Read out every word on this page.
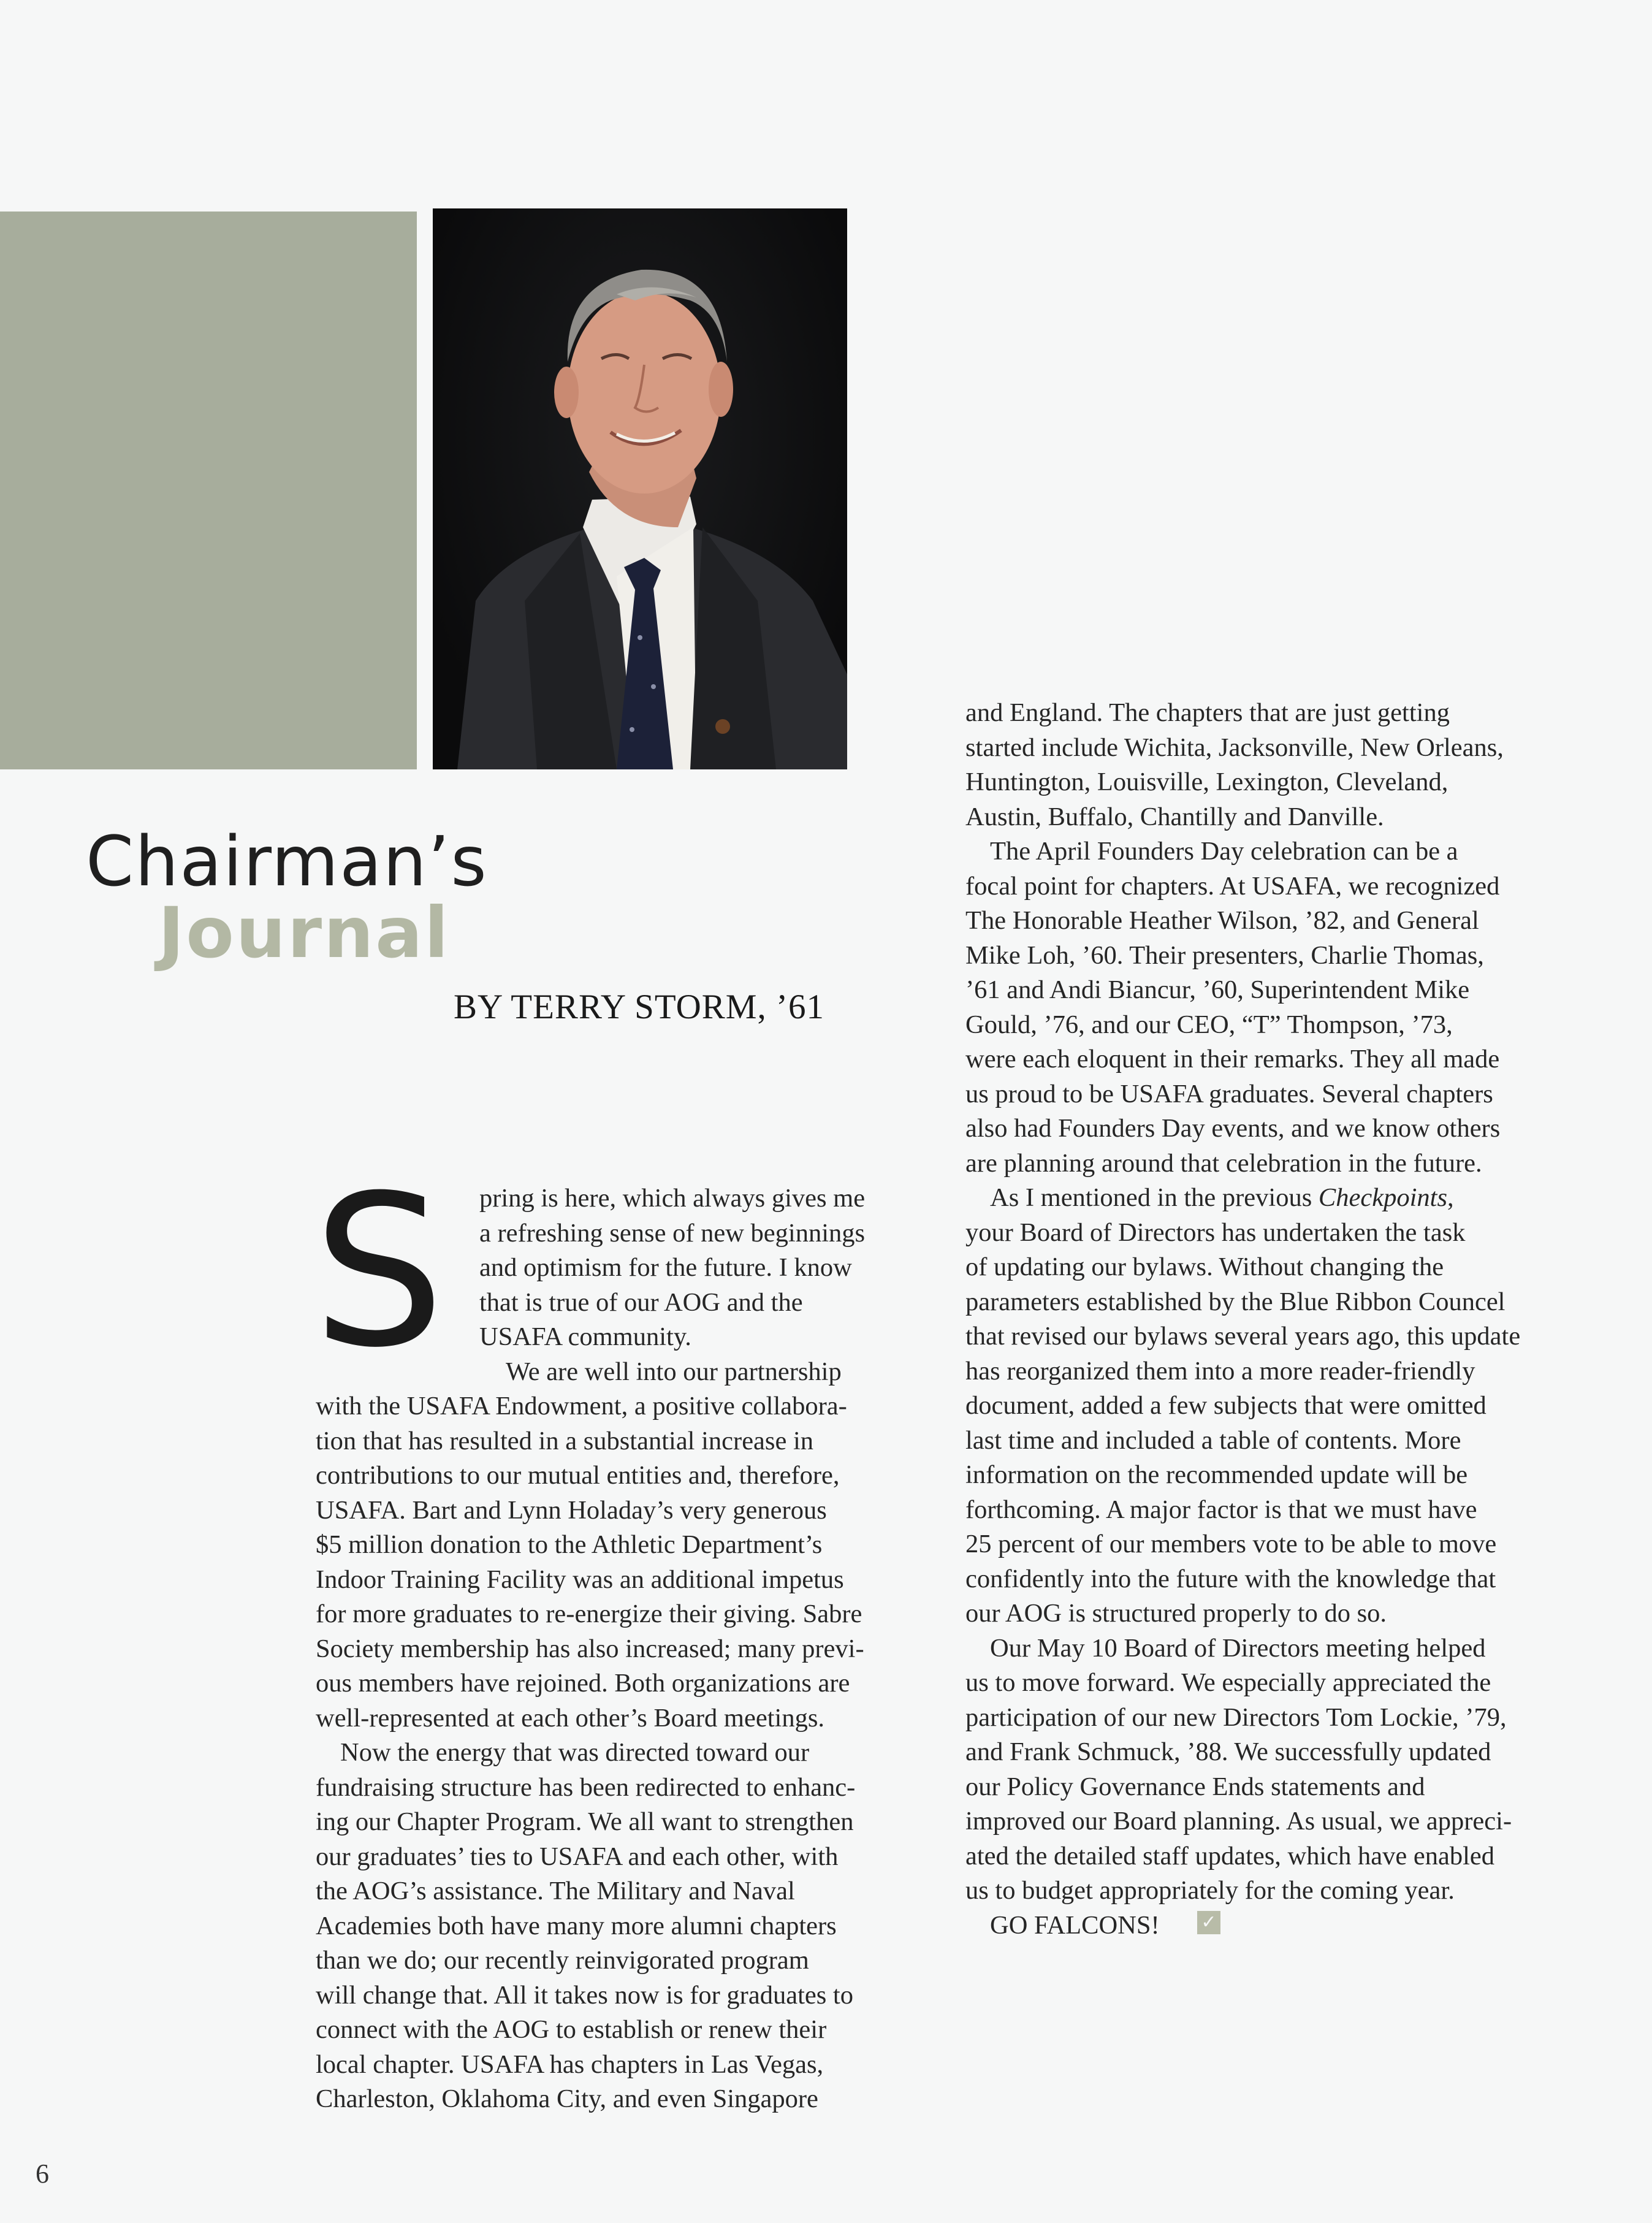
Chairman’s
Journal
BY TERRY STORM, ’61
S	pring is here, which always gives me
a refreshing sense of new beginnings
and optimism for the future. I know
that is true of our AOG and the
USAFA community.
We are well into our partnership
with the USAFA Endowment, a positive collabora-
tion that has resulted in a substantial increase in
contributions to our mutual entities and, therefore,
USAFA. Bart and Lynn Holaday’s very generous
$5 million donation to the Athletic Department’s
Indoor Training Facility was an additional impetus
for more graduates to re-energize their giving. Sabre
Society membership has also increased; many previ-
ous members have rejoined. Both organizations are
well-represented at each other’s Board meetings.
Now the energy that was directed toward our
fundraising structure has been redirected to enhanc-
ing our Chapter Program. We all want to strengthen
our graduates’ ties to USAFA and each other, with
the AOG’s assistance. The Military and Naval
Academies both have many more alumni chapters
than we do; our recently reinvigorated program
will change that. All it takes now is for graduates to
connect with the AOG to establish or renew their
local chapter. USAFA has chapters in Las Vegas,
Charleston, Oklahoma City, and even Singapore
and England. The chapters that are just getting
started include Wichita, Jacksonville, New Orleans,
Huntington, Louisville, Lexington, Cleveland,
Austin, Buffalo, Chantilly and Danville.
The April Founders Day celebration can be a
focal point for chapters. At USAFA, we recognized
The Honorable Heather Wilson, ’82, and General
Mike Loh, ’60. Their presenters, Charlie Thomas,
’61 and Andi Biancur, ’60, Superintendent Mike
Gould, ’76, and our CEO, “T” Thompson, ’73,
were each eloquent in their remarks. They all made
us proud to be USAFA graduates. Several chapters
also had Founders Day events, and we know others
are planning around that celebration in the future.
As I mentioned in the previous Checkpoints,
your Board of Directors has undertaken the task
of updating our bylaws. Without changing the
parameters established by the Blue Ribbon Councel
that revised our bylaws several years ago, this update
has reorganized them into a more reader-friendly
document, added a few subjects that were omitted
last time and included a table of contents. More
information on the recommended update will be
forthcoming. A major factor is that we must have
25 percent of our members vote to be able to move
confidently into the future with the knowledge that
our AOG is structured properly to do so.
Our May 10 Board of Directors meeting helped
us to move forward. We especially appreciated the
participation of our new Directors Tom Lockie, ’79,
and Frank Schmuck, ’88. We successfully updated
our Policy Governance Ends statements and
improved our Board planning. As usual, we appreci-
ated the detailed staff updates, which have enabled
us to budget appropriately for the coming year.
GO FALCONS!	✓
6
